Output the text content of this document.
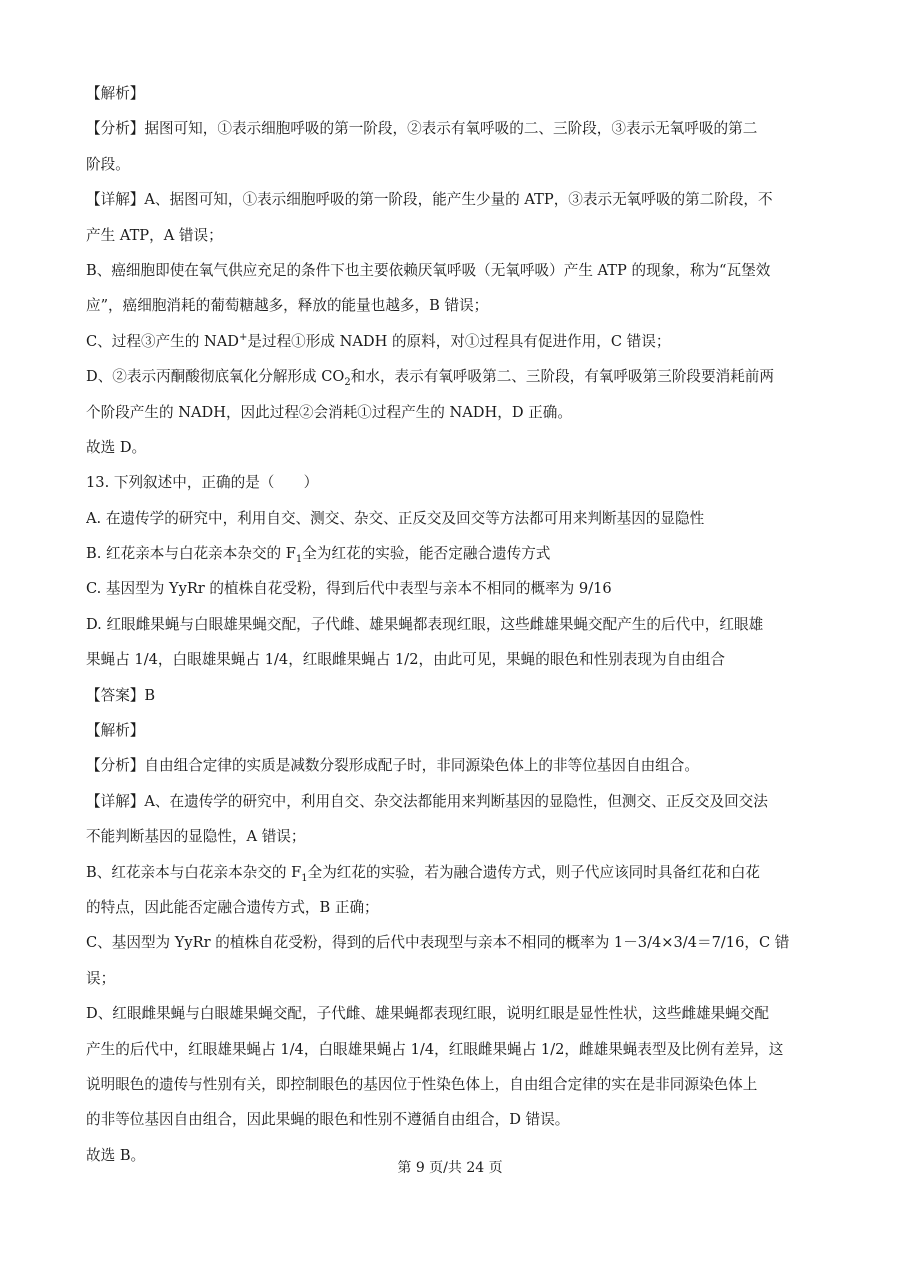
【解析】
【分析】据图可知，①表示细胞呼吸的第一阶段，②表示有氧呼吸的二、三阶段，③表示无氧呼吸的第二
阶段。
【详解】A、据图可知，①表示细胞呼吸的第一阶段，能产生少量的 ATP，③表示无氧呼吸的第二阶段，不
产生 ATP，A 错误；
B、癌细胞即使在氧气供应充足的条件下也主要依赖厌氧呼吸（无氧呼吸）产生 ATP 的现象，称为“瓦堡效
应”，癌细胞消耗的葡萄糖越多，释放的能量也越多，B 错误；
C、过程③产生的 NAD+是过程①形成 NADH 的原料，对①过程具有促进作用，C 错误；
D、②表示丙酮酸彻底氧化分解形成 $CO_2$和水，表示有氧呼吸第二、三阶段，有氧呼吸第三阶段要消耗前两
个阶段产生的 NADH，因此过程②会消耗①过程产生的 NADH，D 正确。
故选 D。
13. 下列叙述中，正确的是（　　）
A. 在遗传学的研究中，利用自交、测交、杂交、正反交及回交等方法都可用来判断基因的显隐性
B. 红花亲本与白花亲本杂交的 $F_1$全为红花的实验，能否定融合遗传方式
C. 基因型为 YyRr 的植株自花受粉，得到后代中表型与亲本不相同的概率为 9/16
D. 红眼雌果蝇与白眼雄果蝇交配，子代雌、雄果蝇都表现红眼，这些雌雄果蝇交配产生的后代中，红眼雄
果蝇占 1/4，白眼雄果蝇占 1/4，红眼雌果蝇占 1/2，由此可见，果蝇的眼色和性别表现为自由组合
【答案】B
【解析】
【分析】自由组合定律的实质是减数分裂形成配子时，非同源染色体上的非等位基因自由组合。
【详解】A、在遗传学的研究中，利用自交、杂交法都能用来判断基因的显隐性，但测交、正反交及回交法
不能判断基因的显隐性，A 错误；
B、红花亲本与白花亲本杂交的 $F_1$全为红花的实验，若为融合遗传方式，则子代应该同时具备红花和白花
的特点，因此能否定融合遗传方式，B 正确；
C、基因型为 YyRr 的植株自花受粉，得到的后代中表现型与亲本不相同的概率为 1－3/4×3/4＝7/16，C 错
误；
D、红眼雌果蝇与白眼雄果蝇交配，子代雌、雄果蝇都表现红眼，说明红眼是显性性状，这些雌雄果蝇交配
产生的后代中，红眼雄果蝇占 1/4，白眼雄果蝇占 1/4，红眼雌果蝇占 1/2，雌雄果蝇表型及比例有差异，这
说明眼色的遗传与性别有关，即控制眼色的基因位于性染色体上，自由组合定律的实在是非同源染色体上
的非等位基因自由组合，因此果蝇的眼色和性别不遵循自由组合，D 错误。
故选 B。
第 9 页/共 24 页
